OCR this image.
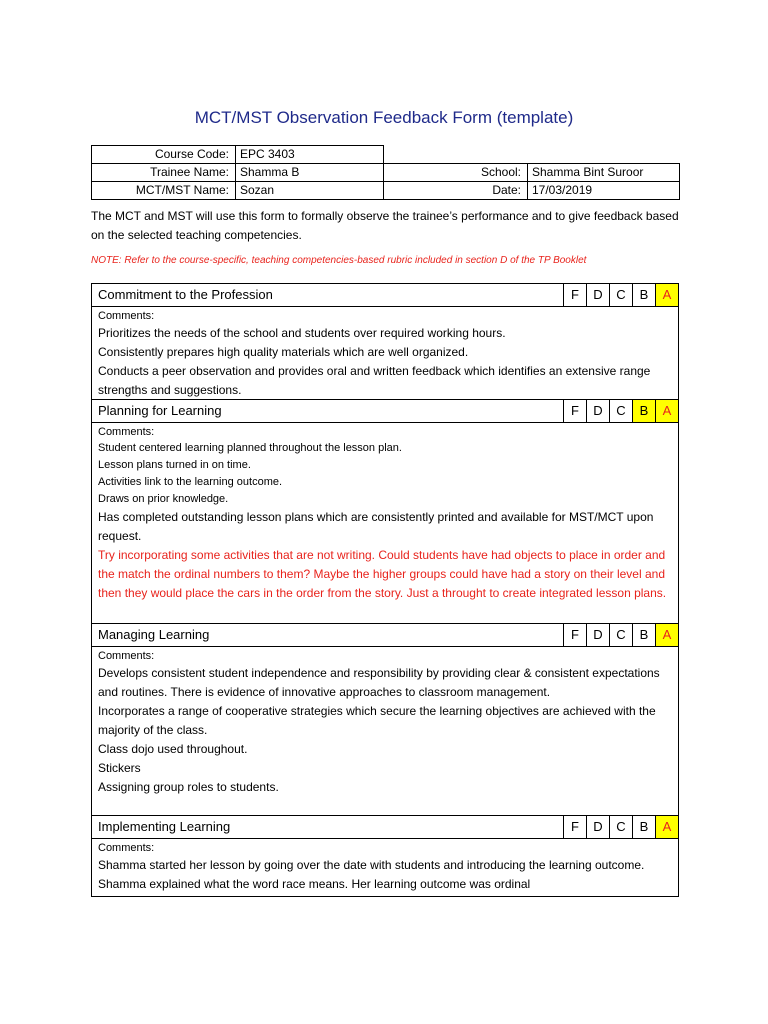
MCT/MST Observation Feedback Form (template)
Course Code:	EPC 3403		
Trainee Name:	Shamma B	School:	Shamma Bint Suroor
MCT/MST Name:	Sozan	Date:	17/03/2019
The MCT and MST will use this form to formally observe the trainee’s performance and to give feedback based on the selected teaching competencies.
NOTE: Refer to the course-specific, teaching competencies-based rubric included in section D of the TP Booklet
Commitment to the Profession	F	D	C	B	A
Comments:
Prioritizes the needs of the school and students over required working hours.
Consistently prepares high quality materials which are well organized.
Conducts a peer observation and provides oral and written feedback which identifies an extensive range strengths and suggestions.
Planning for Learning	F	D	C	B	A
Comments:
Student centered learning planned throughout the lesson plan.
Lesson plans turned in on time.
Activities link to the learning outcome.
Draws on prior knowledge.
Has completed outstanding lesson plans which are consistently printed and available for MST/MCT upon request.
Try incorporating some activities that are not writing. Could students have had objects to place in order and the match the ordinal numbers to them? Maybe the higher groups could have had a story on their level and then they would place the cars in the order from the story. Just a throught to create integrated lesson plans.
Managing Learning	F	D	C	B	A
Comments:
Develops consistent student independence and responsibility by providing clear & consistent expectations and routines. There is evidence of innovative approaches to classroom management.
Incorporates a range of cooperative strategies which secure the learning objectives are achieved with the majority of the class.
Class dojo used throughout.
Stickers
Assigning group roles to students.
Implementing Learning	F	D	C	B	A
Comments:
Shamma started her lesson by going over the date with students and introducing the learning outcome. Shamma explained what the word race means. Her learning outcome was ordinal
